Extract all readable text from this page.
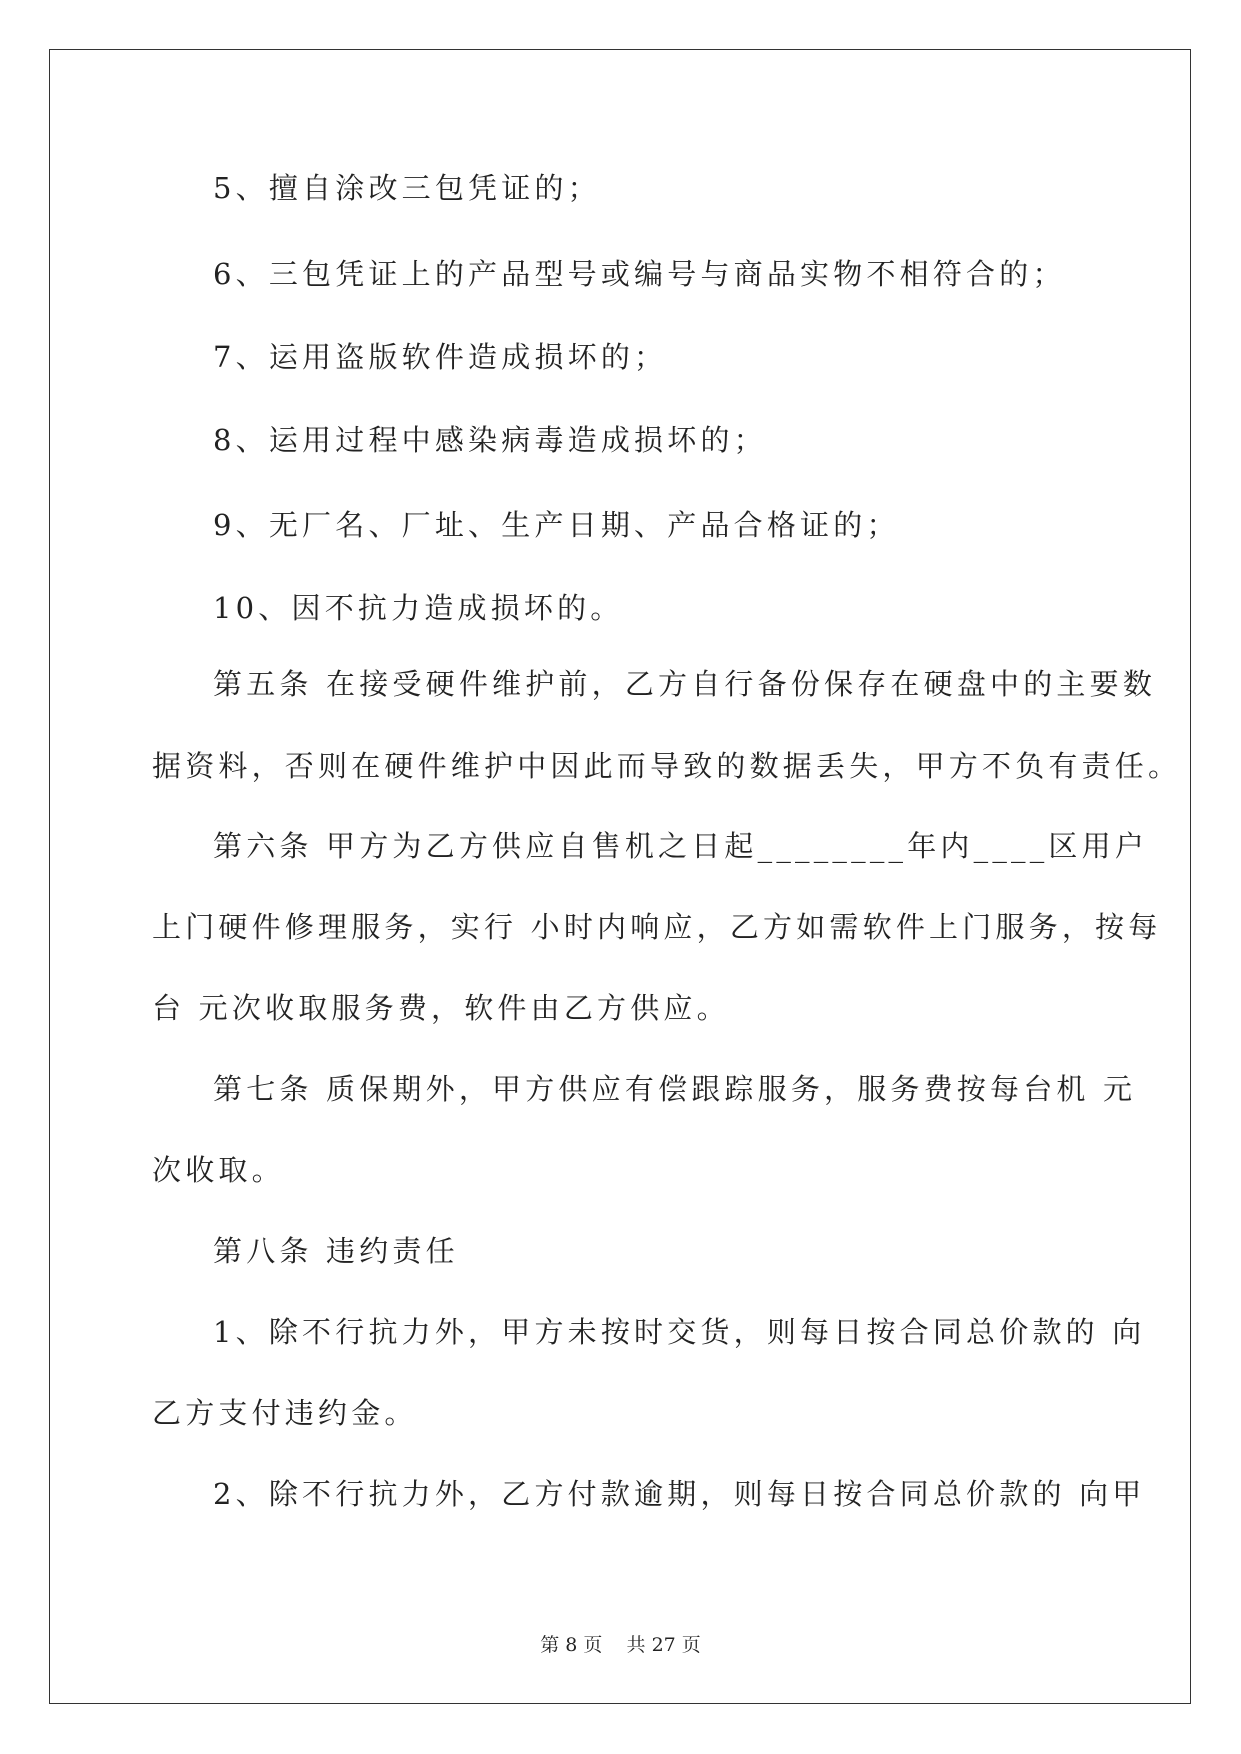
5、擅自涂改三包凭证的；
6、三包凭证上的产品型号或编号与商品实物不相符合的；
7、运用盗版软件造成损坏的；
8、运用过程中感染病毒造成损坏的；
9、无厂名、厂址、生产日期、产品合格证的；
10、因不抗力造成损坏的。
第五条 在接受硬件维护前，乙方自行备份保存在硬盘中的主要数
据资料，否则在硬件维护中因此而导致的数据丢失，甲方不负有责任。
第六条 甲方为乙方供应自售机之日起________年内____区用户
上门硬件修理服务，实行 小时内响应，乙方如需软件上门服务，按每
台 元次收取服务费，软件由乙方供应。
第七条 质保期外，甲方供应有偿跟踪服务，服务费按每台机 元
次收取。
第八条 违约责任
1、除不行抗力外，甲方未按时交货，则每日按合同总价款的 向
乙方支付违约金。
2、除不行抗力外，乙方付款逾期，则每日按合同总价款的 向甲
第 8 页    共 27 页
